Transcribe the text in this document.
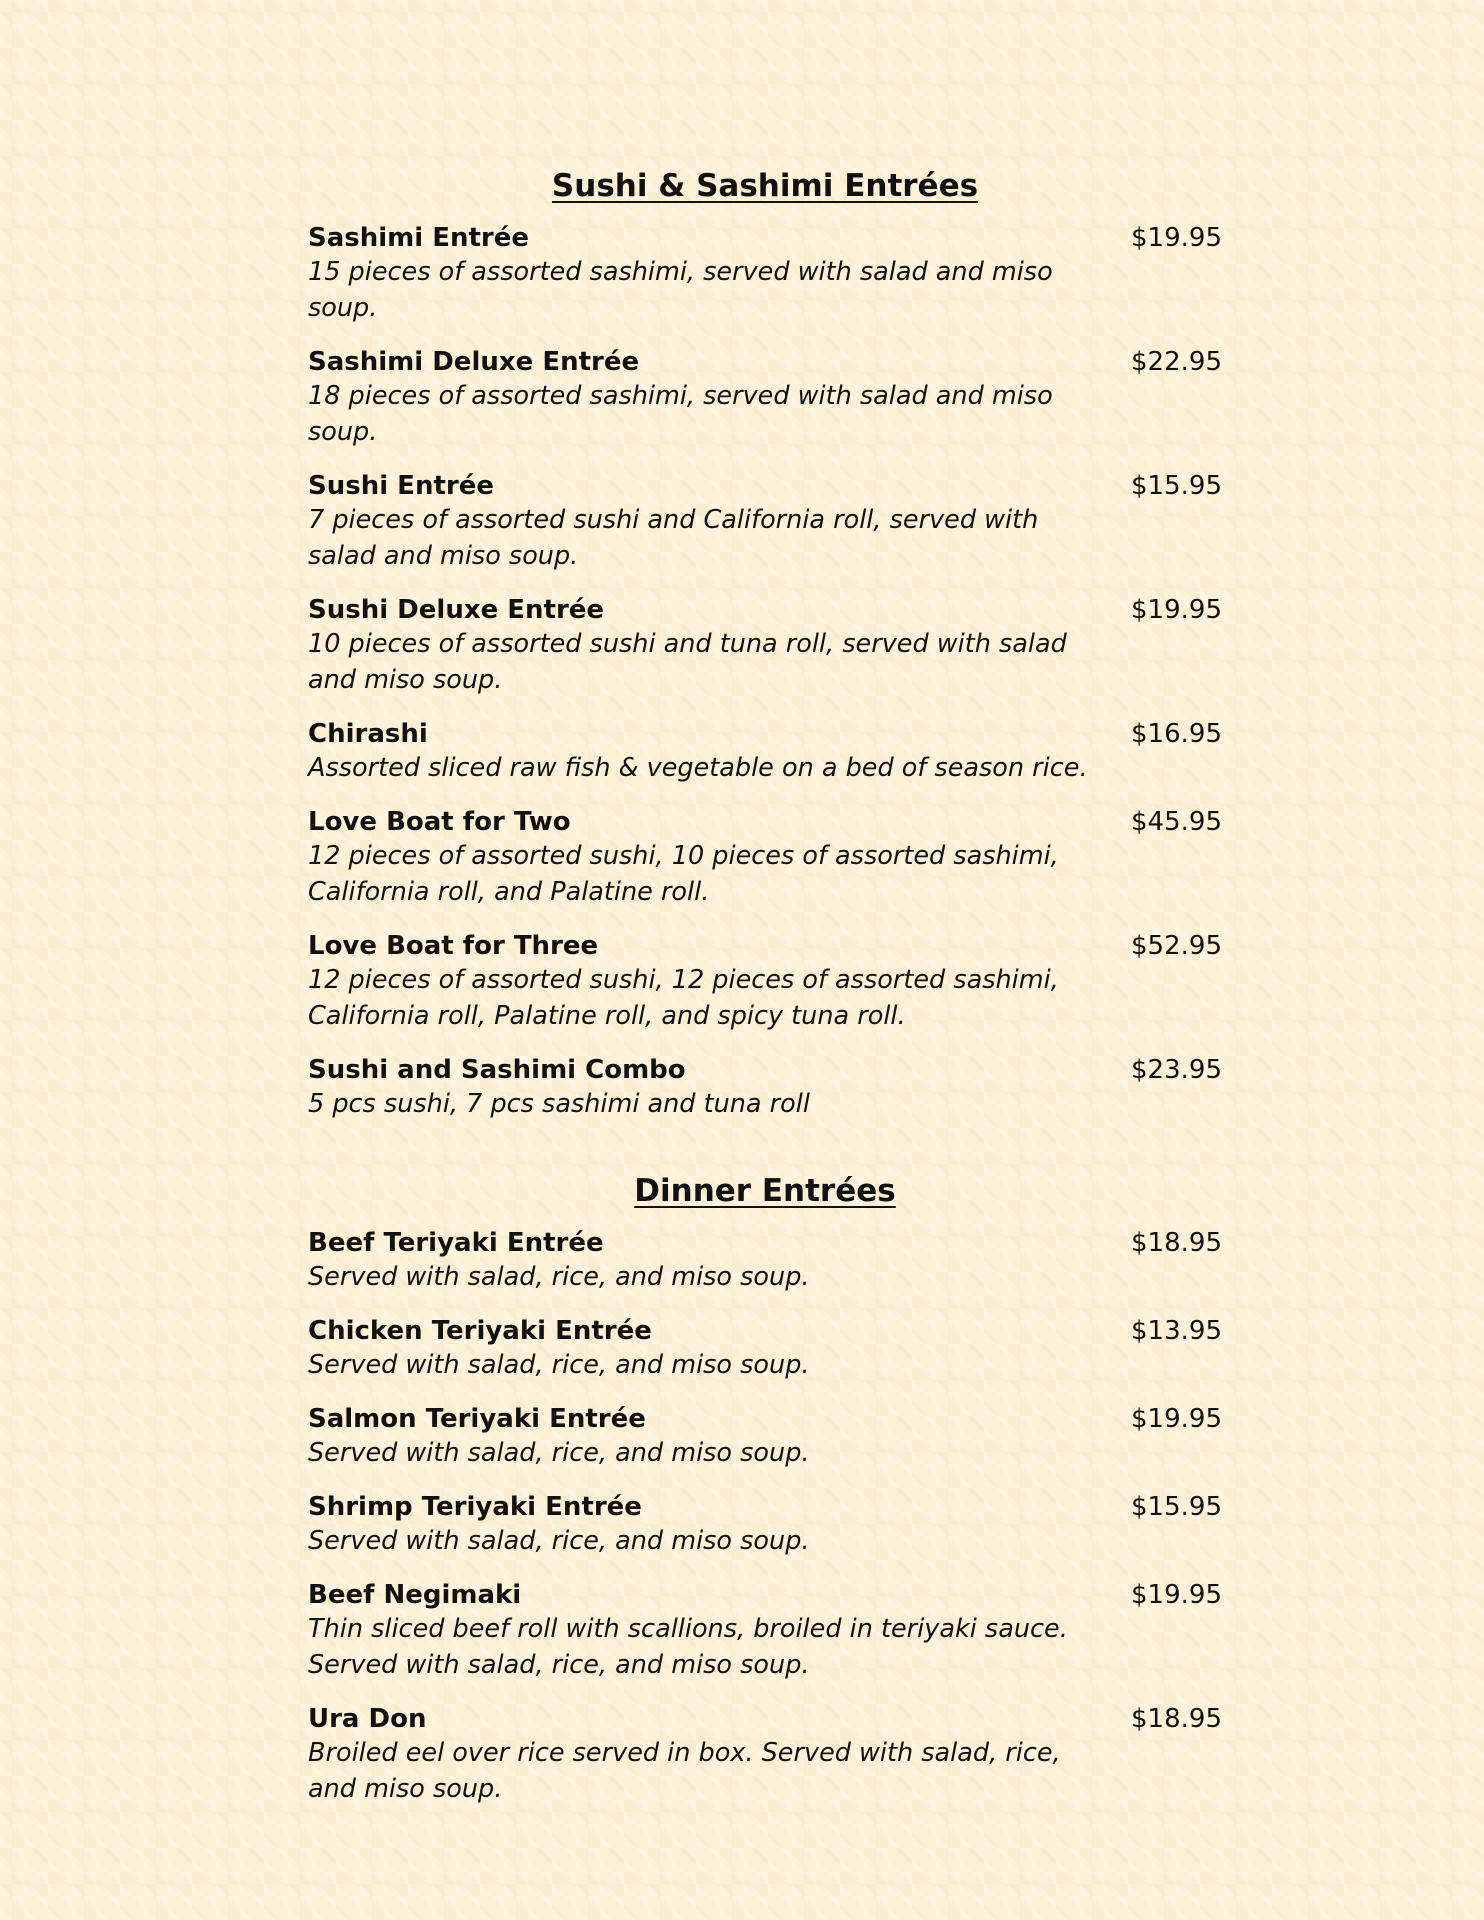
Sushi & Sashimi Entrées
Sashimi Entrée	$19.95
15 pieces of assorted sashimi, served with salad and miso soup.
Sashimi Deluxe Entrée	$22.95
18 pieces of assorted sashimi, served with salad and miso soup.
Sushi Entrée	$15.95
7 pieces of assorted sushi and California roll, served with salad and miso soup.
Sushi Deluxe Entrée	$19.95
10 pieces of assorted sushi and tuna roll, served with salad and miso soup.
Chirashi	$16.95
Assorted sliced raw fish & vegetable on a bed of season rice.
Love Boat for Two	$45.95
12 pieces of assorted sushi, 10 pieces of assorted sashimi, California roll, and Palatine roll.
Love Boat for Three	$52.95
12 pieces of assorted sushi, 12 pieces of assorted sashimi, California roll, Palatine roll, and spicy tuna roll.
Sushi and Sashimi Combo	$23.95
5 pcs sushi, 7 pcs sashimi and tuna roll
Dinner Entrées
Beef Teriyaki Entrée	$18.95
Served with salad, rice, and miso soup.
Chicken Teriyaki Entrée	$13.95
Served with salad, rice, and miso soup.
Salmon Teriyaki Entrée	$19.95
Served with salad, rice, and miso soup.
Shrimp Teriyaki Entrée	$15.95
Served with salad, rice, and miso soup.
Beef Negimaki	$19.95
Thin sliced beef roll with scallions, broiled in teriyaki sauce. Served with salad, rice, and miso soup.
Ura Don	$18.95
Broiled eel over rice served in box. Served with salad, rice, and miso soup.
